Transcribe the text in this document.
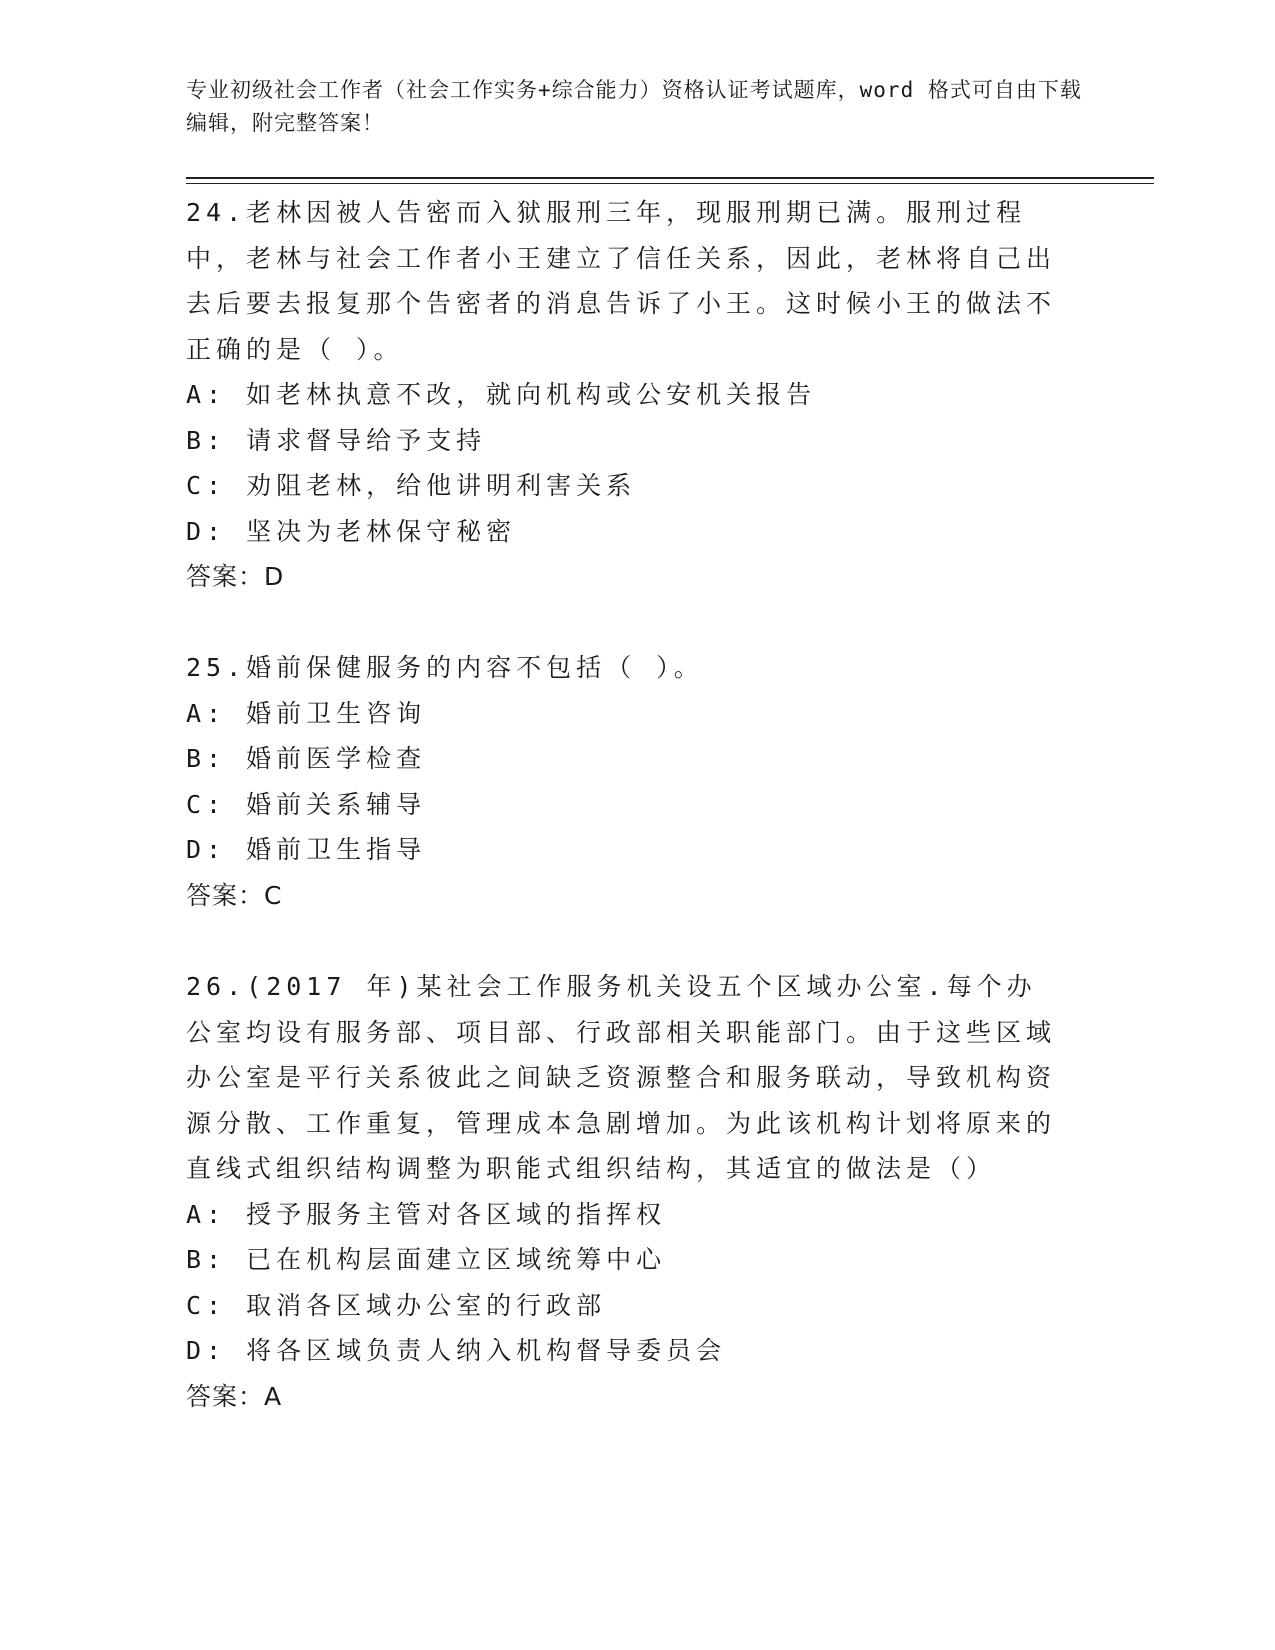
专业初级社会工作者（社会工作实务+综合能力）资格认证考试题库，word 格式可自由下载编辑，附完整答案！

24.老林因被人告密而入狱服刑三年，现服刑期已满。服刑过程中，老林与社会工作者小王建立了信任关系，因此，老林将自己出去后要去报复那个告密者的消息告诉了小王。这时候小王的做法不正确的是（ ）。

A: 如老林执意不改，就向机构或公安机关报告
B: 请求督导给予支持
C: 劝阻老林，给他讲明利害关系
D: 坚决为老林保守秘密
答案：D

25.婚前保健服务的内容不包括（ ）。

A: 婚前卫生咨询
B: 婚前医学检查
C: 婚前关系辅导
D: 婚前卫生指导
答案：C

26.(2017 年)某社会工作服务机关设五个区域办公室.每个办公室均设有服务部、项目部、行政部相关职能部门。由于这些区域办公室是平行关系彼此之间缺乏资源整合和服务联动，导致机构资源分散、工作重复，管理成本急剧增加。为此该机构计划将原来的直线式组织结构调整为职能式组织结构，其适宜的做法是（）

A: 授予服务主管对各区域的指挥权
B: 已在机构层面建立区域统筹中心
C: 取消各区域办公室的行政部
D: 将各区域负责人纳入机构督导委员会
答案：A
